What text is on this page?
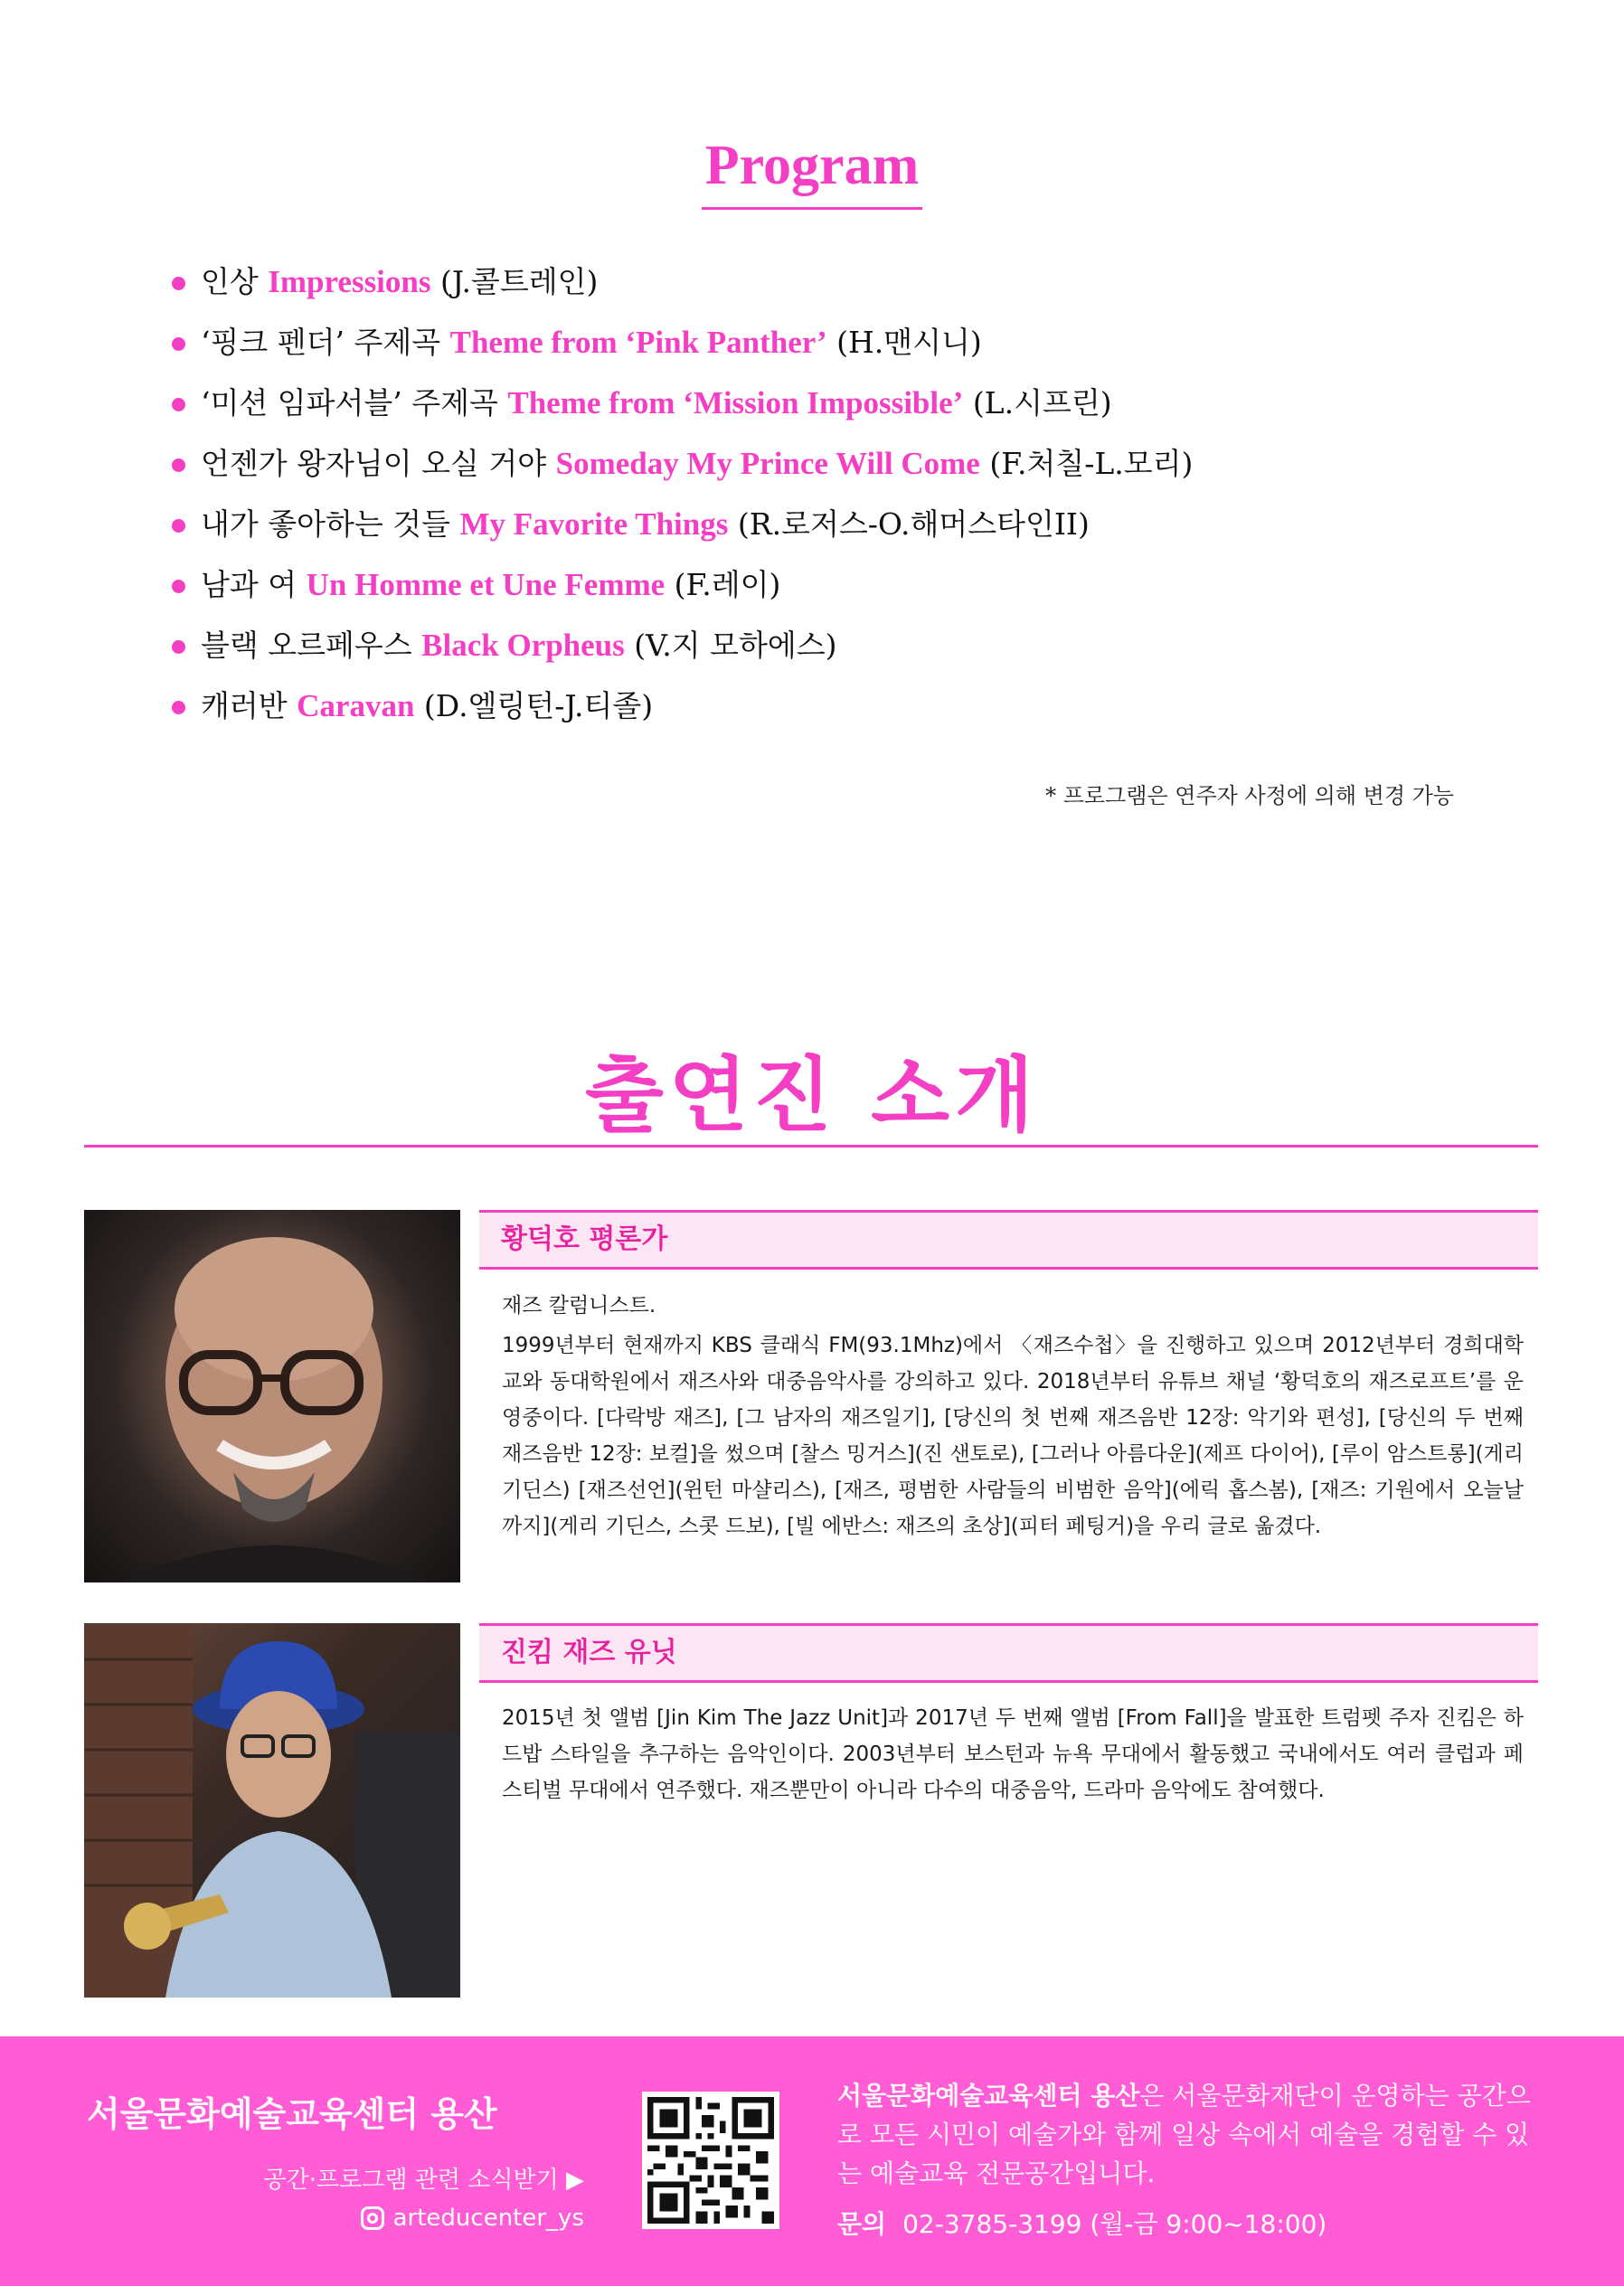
Program
인상 Impressions (J.콜트레인)
‘핑크 펜더’ 주제곡 Theme from ‘Pink Panther’ (H.맨시니)
‘미션 임파서블’ 주제곡 Theme from ‘Mission Impossible’ (L.시프린)
언젠가 왕자님이 오실 거야 Someday My Prince Will Come (F.처칠-L.모리)
내가 좋아하는 것들 My Favorite Things (R.로저스-O.해머스타인II)
남과 여 Un Homme et Une Femme (F.레이)
블랙 오르페우스 Black Orpheus (V.지 모하에스)
캐러반 Caravan (D.엘링턴-J.티졸)
* 프로그램은 연주자 사정에 의해 변경 가능
출연진 소개
황덕호 평론가
재즈 칼럼니스트.
1999년부터 현재까지 KBS 클래식 FM(93.1Mhz)에서 〈재즈수첩〉을 진행하고 있으며 2012년부터 경희대학교와 동대학원에서 재즈사와 대중음악사를 강의하고 있다. 2018년부터 유튜브 채널 ‘황덕호의 재즈로프트’를 운영중이다. [다락방 재즈], [그 남자의 재즈일기], [당신의 첫 번째 재즈음반 12장: 악기와 편성], [당신의 두 번째 재즈음반 12장: 보컬]을 썼으며 [찰스 밍거스](진 샌토로), [그러나 아름다운](제프 다이어), [루이 암스트롱](게리 기딘스) [재즈선언](윈턴 마샬리스), [재즈, 평범한 사람들의 비범한 음악](에릭 홉스봄), [재즈: 기원에서 오늘날까지](게리 기딘스, 스콧 드보), [빌 에반스: 재즈의 초상](피터 페팅거)을 우리 글로 옮겼다.
진킴 재즈 유닛
2015년 첫 앨범 [Jin Kim The Jazz Unit]과 2017년 두 번째 앨범 [From Fall]을 발표한 트럼펫 주자 진킴은 하드밥 스타일을 추구하는 음악인이다. 2003년부터 보스턴과 뉴욕 무대에서 활동했고 국내에서도 여러 클럽과 페스티벌 무대에서 연주했다. 재즈뿐만이 아니라 다수의 대중음악, 드라마 음악에도 참여했다.
서울문화예술교육센터 용산
공간·프로그램 관련 소식받기 ▶
arteducenter_ys
서울문화예술교육센터 용산은 서울문화재단이 운영하는 공간으로 모든 시민이 예술가와 함께 일상 속에서 예술을 경험할 수 있는 예술교육 전문공간입니다.
문의 02-3785-3199 (월-금 9:00~18:00)
